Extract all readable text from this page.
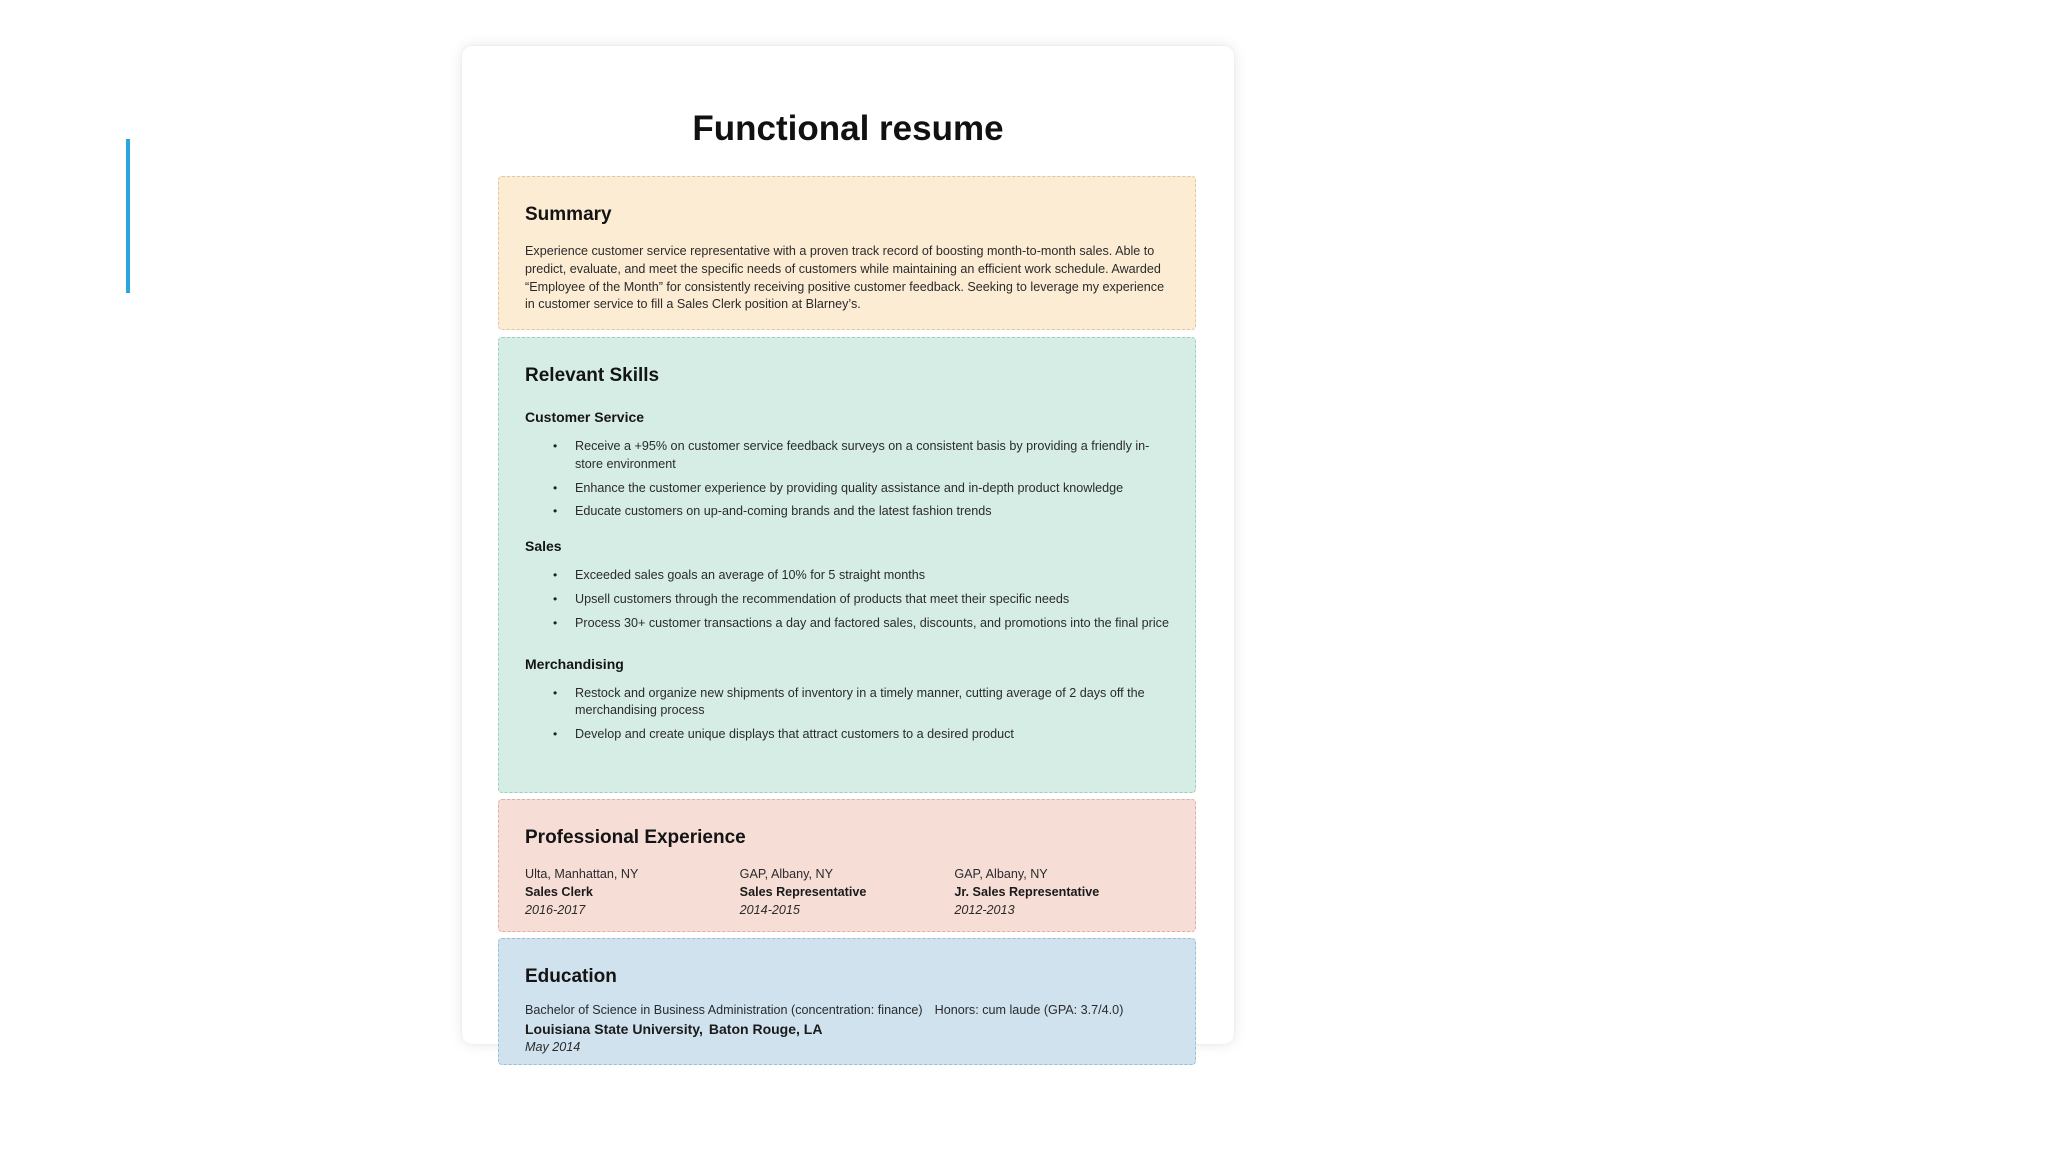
Functional resume
Summary

Experience customer service representative with a proven track record of boosting month-to-month sales. Able to predict, evaluate, and meet the specific needs of customers while maintaining an efficient work schedule. Awarded “Employee of the Month” for consistently receiving positive customer feedback. Seeking to leverage my experience in customer service to fill a Sales Clerk position at Blarney’s.

Relevant Skills
Customer Service
• Receive a +95% on customer service feedback surveys on a consistent basis by providing a friendly in-store environment
• Enhance the customer experience by providing quality assistance and in-depth product knowledge
• Educate customers on up-and-coming brands and the latest fashion trends
Sales
• Exceeded sales goals an average of 10% for 5 straight months
• Upsell customers through the recommendation of products that meet their specific needs
• Process 30+ customer transactions a day and factored sales, discounts, and promotions into the final price
Merchandising
• Restock and organize new shipments of inventory in a timely manner, cutting average of 2 days off the merchandising process
• Develop and create unique displays that attract customers to a desired product
Professional Experience
Ulta, Manhattan, NY
Sales Clerk
2016-2017
GAP, Albany, NY
Sales Representative
2014-2015
GAP, Albany, NY
Jr. Sales Representative
2012-2013
Education
Bachelor of Science in Business Administration (concentration: finance) Honors: cum laude (GPA: 3.7/4.0)
Louisiana State University, Baton Rouge, LA
May 2014
